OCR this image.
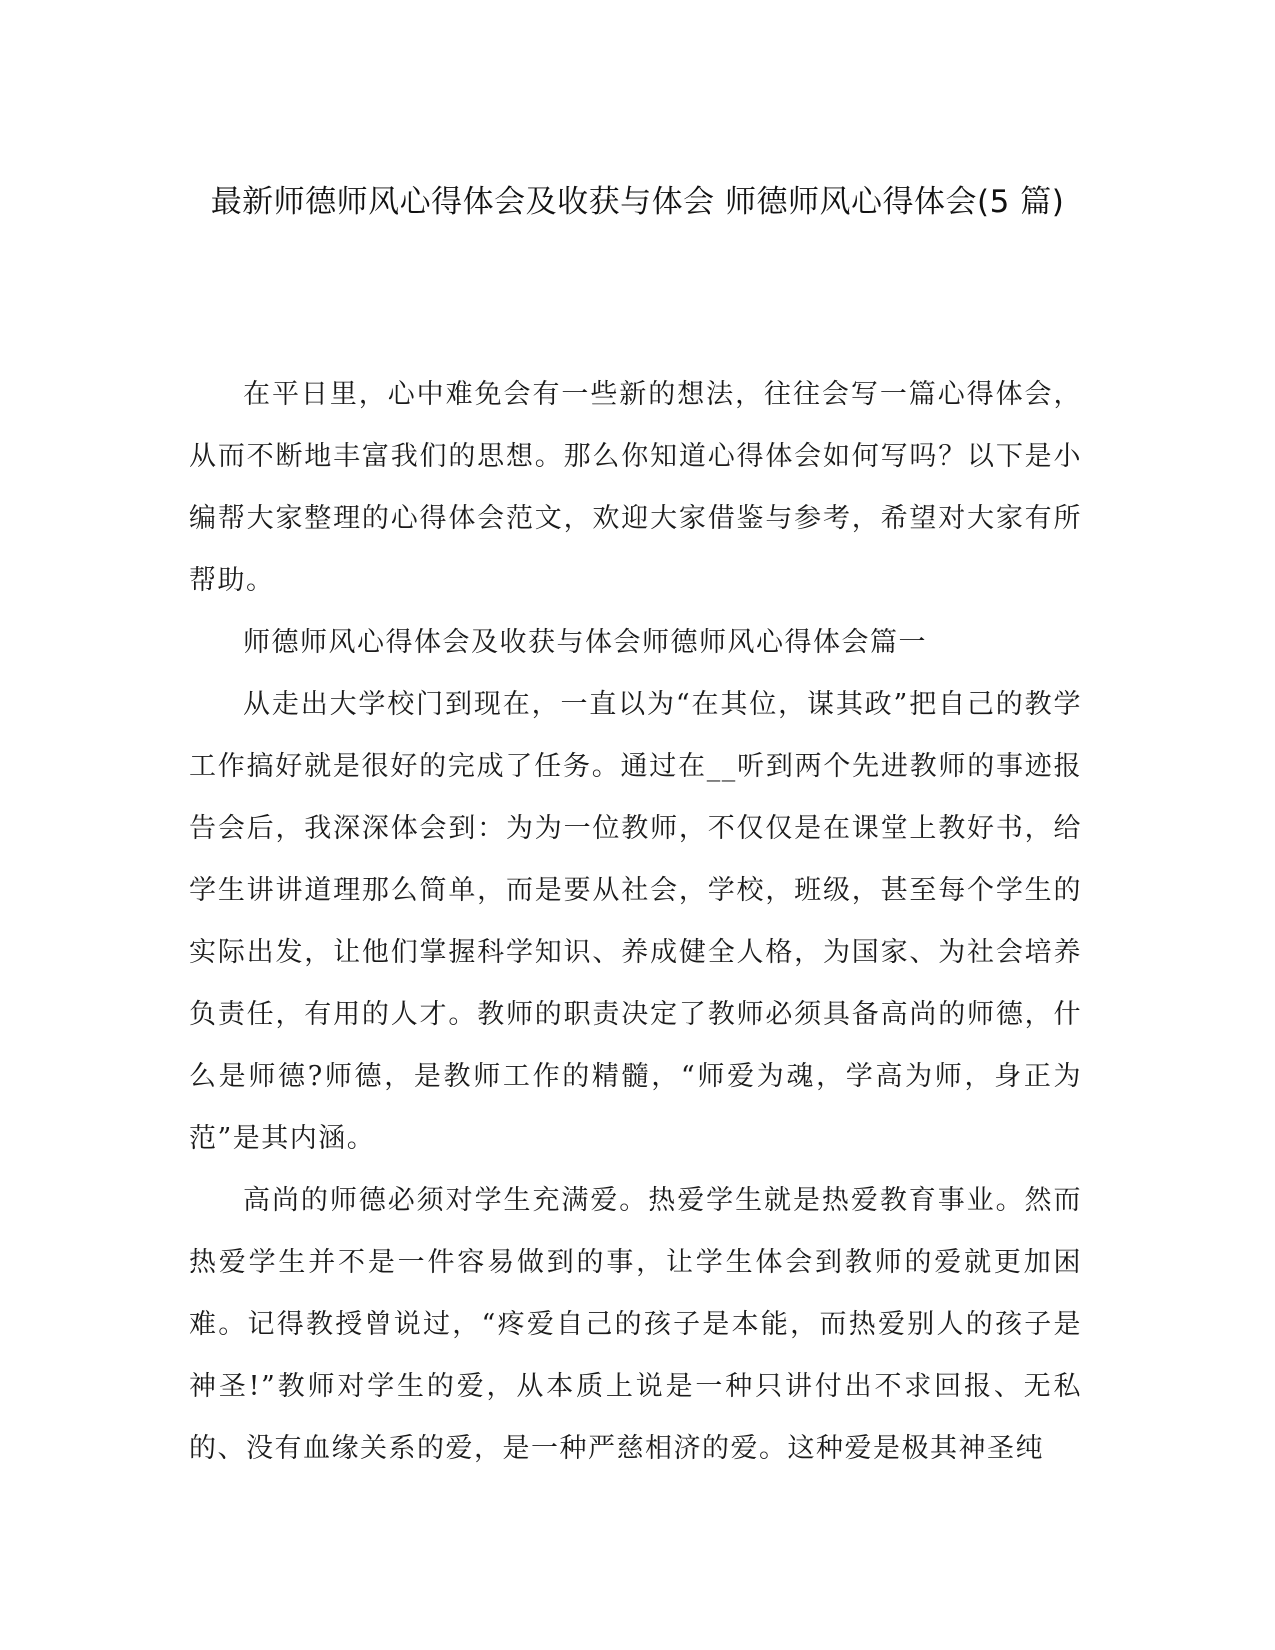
最新师德师风心得体会及收获与体会 师德师风心得体会(5 篇)

在平日里，心中难免会有一些新的想法，往往会写一篇心得体会，从而不断地丰富我们的思想。那么你知道心得体会如何写吗？以下是小编帮大家整理的心得体会范文，欢迎大家借鉴与参考，希望对大家有所帮助。

师德师风心得体会及收获与体会师德师风心得体会篇一

从走出大学校门到现在，一直以为“在其位，谋其政”把自己的教学工作搞好就是很好的完成了任务。通过在__听到两个先进教师的事迹报告会后，我深深体会到：为为一位教师，不仅仅是在课堂上教好书，给学生讲讲道理那么简单，而是要从社会，学校，班级，甚至每个学生的实际出发，让他们掌握科学知识、养成健全人格，为国家、为社会培养负责任，有用的人才。教师的职责决定了教师必须具备高尚的师德，什么是师德?师德，是教师工作的精髓，“师爱为魂，学高为师，身正为范”是其内涵。

高尚的师德必须对学生充满爱。热爱学生就是热爱教育事业。然而热爱学生并不是一件容易做到的事，让学生体会到教师的爱就更加困难。记得教授曾说过，“疼爱自己的孩子是本能，而热爱别人的孩子是神圣!”教师对学生的爱，从本质上说是一种只讲付出不求回报、无私的、没有血缘关系的爱，是一种严慈相济的爱。这种爱是极其神圣纯
